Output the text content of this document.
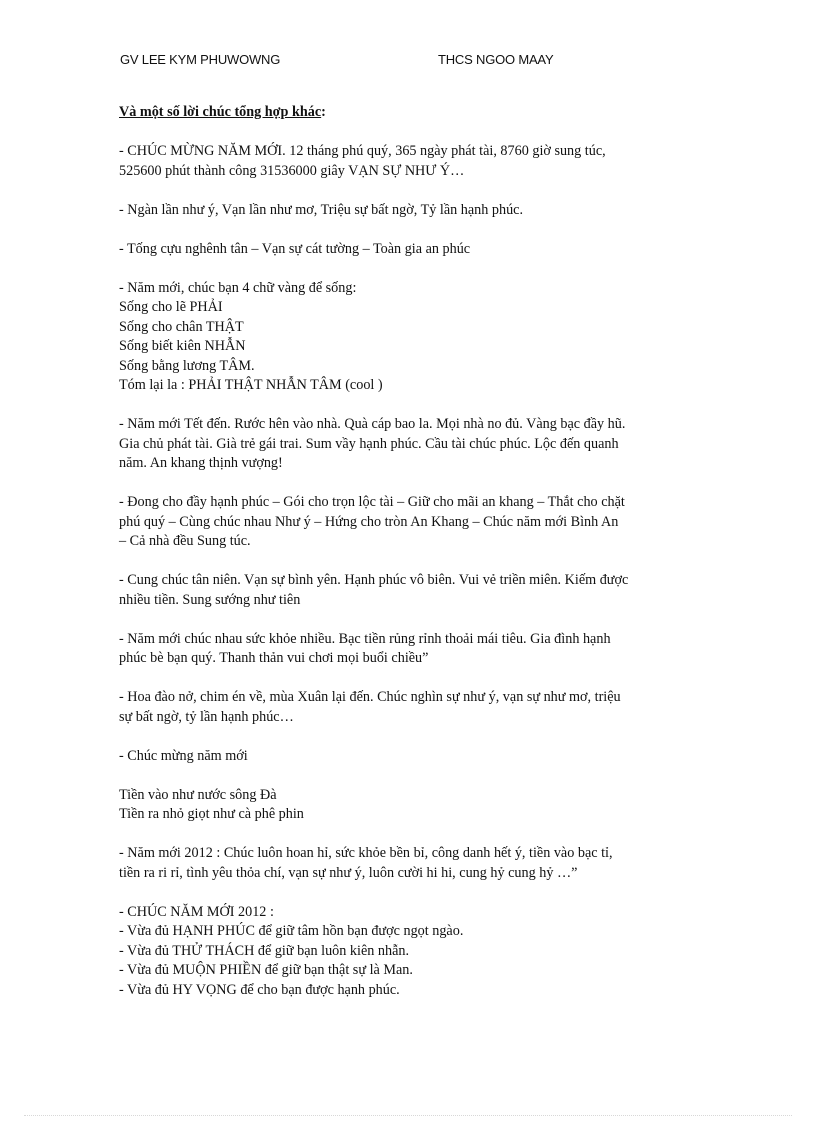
GV LEE KYM PHUWOWNG	THCS NGOO MAAY
Và một số lời chúc tổng hợp khác:
- CHÚC MỪNG NĂM MỚI. 12 tháng phú quý, 365 ngày phát tài, 8760 giờ sung túc,
525600 phút thành công 31536000 giây VẠN SỰ NHƯ Ý…
- Ngàn lần như ý, Vạn lần như mơ, Triệu sự bất ngờ, Tỷ lần hạnh phúc.
- Tống cựu nghênh tân – Vạn sự cát tường – Toàn gia an phúc
- Năm mới, chúc bạn 4 chữ vàng để sống:
Sống cho lẽ PHẢI
Sống cho chân THẬT
Sống biết kiên NHẪN
Sống bằng lương TÂM.
Tóm lại la : PHẢI THẬT NHẪN TÂM (cool )
- Năm mới Tết đến. Rước hên vào nhà. Quà cáp bao la. Mọi nhà no đủ. Vàng bạc đầy hũ.
Gia chủ phát tài. Già trẻ gái trai. Sum vầy hạnh phúc. Cầu tài chúc phúc. Lộc đến quanh
năm. An khang thịnh vượng!
- Đong cho đầy hạnh phúc – Gói cho trọn lộc tài – Giữ cho mãi an khang – Thắt cho chặt
phú quý – Cùng chúc nhau Như ý – Hứng cho tròn An Khang – Chúc năm mới Bình An
– Cả nhà đều Sung túc.
- Cung chúc tân niên. Vạn sự bình yên. Hạnh phúc vô biên. Vui vẻ triền miên. Kiếm được
nhiều tiền. Sung sướng như tiên
- Năm mới chúc nhau sức khỏe nhiều. Bạc tiền rủng rỉnh thoải mái tiêu. Gia đình hạnh
phúc bè bạn quý. Thanh thản vui chơi mọi buổi chiều”
- Hoa đào nở, chim én về, mùa Xuân lại đến. Chúc nghìn sự như ý, vạn sự như mơ, triệu
sự bất ngờ, tỷ lần hạnh phúc…
- Chúc mừng năm mới
Tiền vào như nước sông Đà
Tiền ra nhỏ giọt như cà phê phin
- Năm mới 2012 : Chúc luôn hoan hỉ, sức khỏe bền bỉ, công danh hết ý, tiền vào bạc tỉ,
tiền ra ri rỉ, tình yêu thỏa chí, vạn sự như ý, luôn cười hi hi, cung hỷ cung hỷ …”
- CHÚC NĂM MỚI 2012 :
- Vừa đủ HẠNH PHÚC để giữ tâm hồn bạn được ngọt ngào.
- Vừa đủ THỬ THÁCH để giữ bạn luôn kiên nhẫn.
- Vừa đủ MUỘN PHIỀN để giữ bạn thật sự là Man.
- Vừa đủ HY VỌNG để cho bạn được hạnh phúc.
